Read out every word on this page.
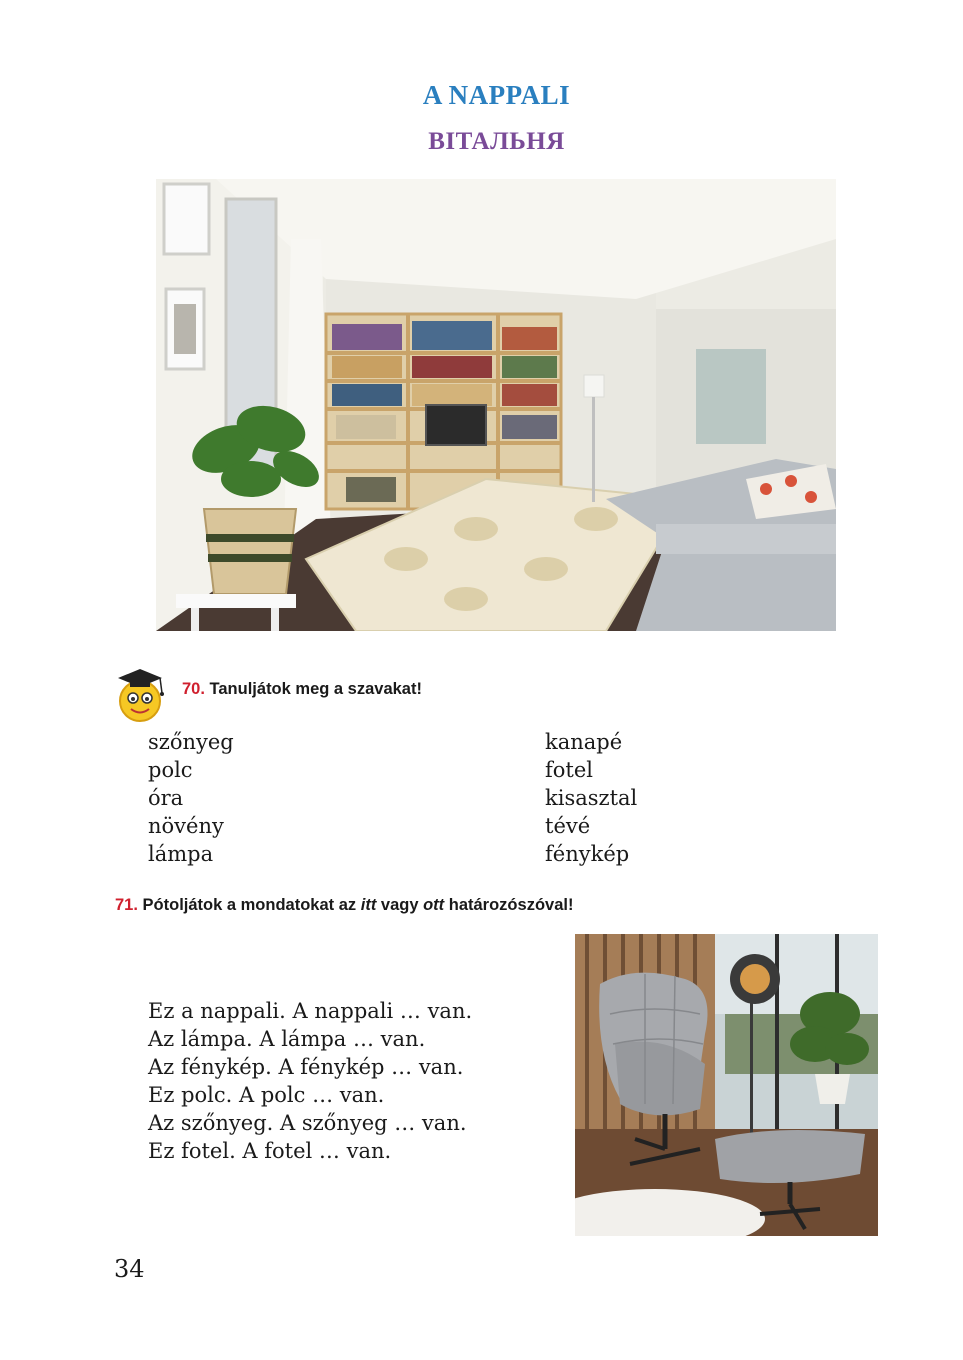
A NAPPALI
ВІТАЛЬНЯ
70. Tanuljátok meg a szavakat!
szőnyeg
polc
óra
növény
lámpa
kanapé
fotel
kisasztal
tévé
fénykép
71. Pótoljátok a mondatokat az itt vagy ott határozószóval!
Ez a nappali. A nappali … van.
Az lámpa. A lámpa … van.
Az fénykép. A fénykép … van.
Ez polc. A polc … van.
Az szőnyeg. A szőnyeg … van.
Ez fotel. A fotel … van.
34
